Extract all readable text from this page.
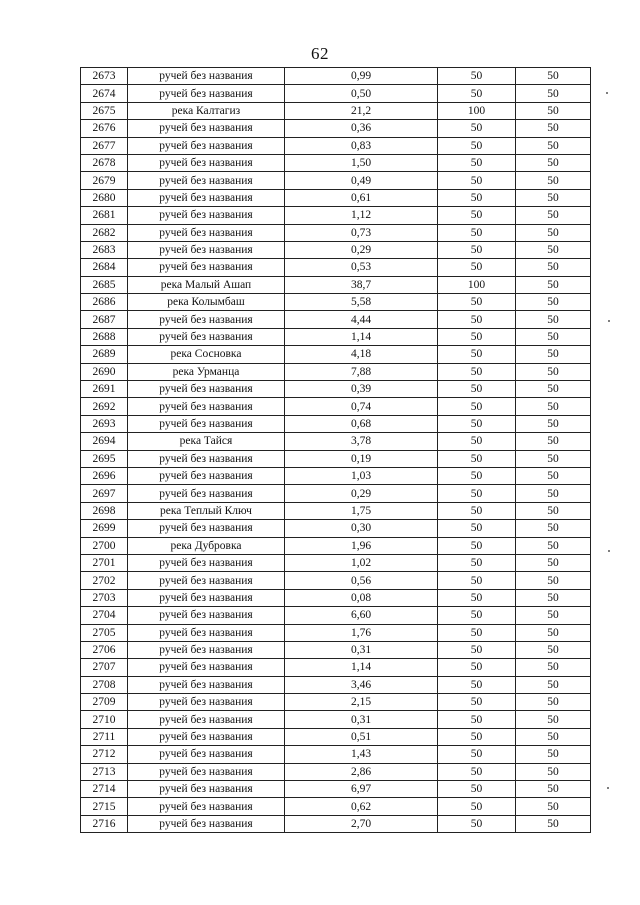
62
2673	ручей без названия	0,99	50	50
2674	ручей без названия	0,50	50	50
2675	река Калтагиз	21,2	100	50
2676	ручей без названия	0,36	50	50
2677	ручей без названия	0,83	50	50
2678	ручей без названия	1,50	50	50
2679	ручей без названия	0,49	50	50
2680	ручей без названия	0,61	50	50
2681	ручей без названия	1,12	50	50
2682	ручей без названия	0,73	50	50
2683	ручей без названия	0,29	50	50
2684	ручей без названия	0,53	50	50
2685	река Малый Ашап	38,7	100	50
2686	река Колымбаш	5,58	50	50
2687	ручей без названия	4,44	50	50
2688	ручей без названия	1,14	50	50
2689	река Сосновка	4,18	50	50
2690	река Урманца	7,88	50	50
2691	ручей без названия	0,39	50	50
2692	ручей без названия	0,74	50	50
2693	ручей без названия	0,68	50	50
2694	река Тайся	3,78	50	50
2695	ручей без названия	0,19	50	50
2696	ручей без названия	1,03	50	50
2697	ручей без названия	0,29	50	50
2698	река Теплый Ключ	1,75	50	50
2699	ручей без названия	0,30	50	50
2700	река Дубровка	1,96	50	50
2701	ручей без названия	1,02	50	50
2702	ручей без названия	0,56	50	50
2703	ручей без названия	0,08	50	50
2704	ручей без названия	6,60	50	50
2705	ручей без названия	1,76	50	50
2706	ручей без названия	0,31	50	50
2707	ручей без названия	1,14	50	50
2708	ручей без названия	3,46	50	50
2709	ручей без названия	2,15	50	50
2710	ручей без названия	0,31	50	50
2711	ручей без названия	0,51	50	50
2712	ручей без названия	1,43	50	50
2713	ручей без названия	2,86	50	50
2714	ручей без названия	6,97	50	50
2715	ручей без названия	0,62	50	50
2716	ручей без названия	2,70	50	50
